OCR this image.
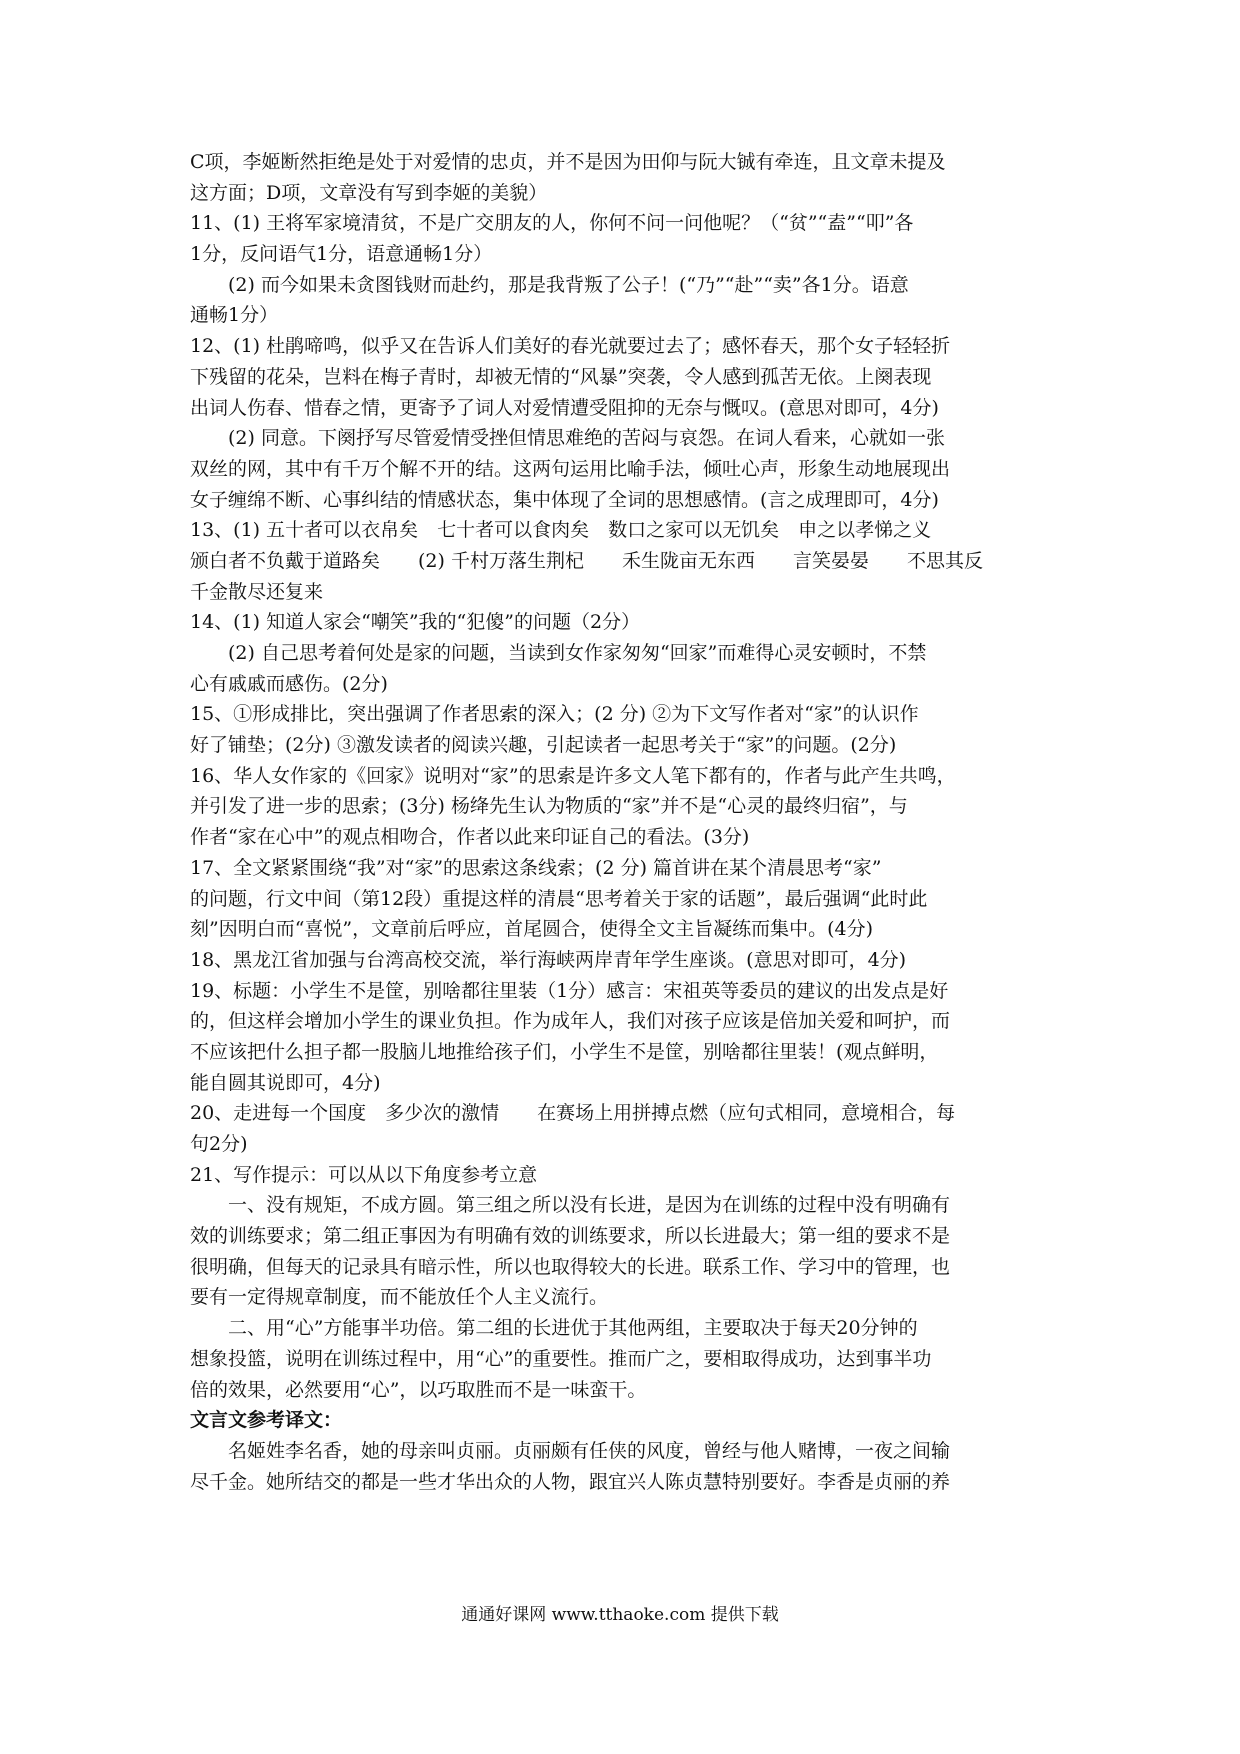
C项，李姬断然拒绝是处于对爱情的忠贞，并不是因为田仰与阮大铖有牵连，且文章未提及
这方面；D项，文章没有写到李姬的美貌）
11、(1) 王将军家境清贫，不是广交朋友的人，你何不问一问他呢？（“贫”“盍”“叩”各
1分，反问语气1分，语意通畅1分）
(2) 而今如果未贪图钱财而赴约，那是我背叛了公子！(“乃”“赴”“卖”各1分。语意
通畅1分）
12、(1) 杜鹃啼鸣，似乎又在告诉人们美好的春光就要过去了；感怀春天，那个女子轻轻折
下残留的花朵，岂料在梅子青时，却被无情的“风暴”突袭，令人感到孤苦无依。上阕表现
出词人伤春、惜春之情，更寄予了词人对爱情遭受阻抑的无奈与慨叹。(意思对即可，4分)
(2) 同意。下阕抒写尽管爱情受挫但情思难绝的苦闷与哀怨。在词人看来，心就如一张
双丝的网，其中有千万个解不开的结。这两句运用比喻手法，倾吐心声，形象生动地展现出
女子缠绵不断、心事纠结的情感状态，集中体现了全词的思想感情。(言之成理即可，4分)
13、(1) 五十者可以衣帛矣　七十者可以食肉矣　数口之家可以无饥矣　申之以孝悌之义
颁白者不负戴于道路矣　　(2) 千村万落生荆杞　　禾生陇亩无东西　　言笑晏晏　　不思其反
千金散尽还复来
14、(1) 知道人家会“嘲笑”我的“犯傻”的问题（2分）
(2) 自己思考着何处是家的问题，当读到女作家匆匆“回家”而难得心灵安顿时，不禁
心有戚戚而感伤。(2分)
15、①形成排比，突出强调了作者思索的深入；(2 分) ②为下文写作者对“家”的认识作
好了铺垫；(2分) ③激发读者的阅读兴趣，引起读者一起思考关于“家”的问题。(2分)
16、华人女作家的《回家》说明对“家”的思索是许多文人笔下都有的，作者与此产生共鸣，
并引发了进一步的思索；(3分) 杨绛先生认为物质的“家”并不是“心灵的最终归宿”，与
作者“家在心中”的观点相吻合，作者以此来印证自己的看法。(3分)
17、全文紧紧围绕“我”对“家”的思索这条线索；(2 分) 篇首讲在某个清晨思考“家”
的问题，行文中间（第12段）重提这样的清晨“思考着关于家的话题”，最后强调“此时此
刻”因明白而“喜悦”，文章前后呼应，首尾圆合，使得全文主旨凝练而集中。(4分)
18、黑龙江省加强与台湾高校交流，举行海峡两岸青年学生座谈。(意思对即可，4分)
19、标题：小学生不是筐，别啥都往里装（1分）感言：宋祖英等委员的建议的出发点是好
的，但这样会增加小学生的课业负担。作为成年人，我们对孩子应该是倍加关爱和呵护，而
不应该把什么担子都一股脑儿地推给孩子们，小学生不是筐，别啥都往里装！(观点鲜明，
能自圆其说即可，4分)
20、走进每一个国度　多少次的激情　　在赛场上用拼搏点燃（应句式相同，意境相合，每
句2分)
21、写作提示：可以从以下角度参考立意
一、没有规矩，不成方圆。第三组之所以没有长进，是因为在训练的过程中没有明确有
效的训练要求；第二组正事因为有明确有效的训练要求，所以长进最大；第一组的要求不是
很明确，但每天的记录具有暗示性，所以也取得较大的长进。联系工作、学习中的管理，也
要有一定得规章制度，而不能放任个人主义流行。
二、用“心”方能事半功倍。第二组的长进优于其他两组，主要取决于每天20分钟的
想象投篮，说明在训练过程中，用“心”的重要性。推而广之，要相取得成功，达到事半功
倍的效果，必然要用“心”，以巧取胜而不是一味蛮干。
文言文参考译文：
名姬姓李名香，她的母亲叫贞丽。贞丽颇有任侠的风度，曾经与他人赌博，一夜之间输
尽千金。她所结交的都是一些才华出众的人物，跟宜兴人陈贞慧特别要好。李香是贞丽的养
通通好课网 www.tthaoke.com 提供下载
